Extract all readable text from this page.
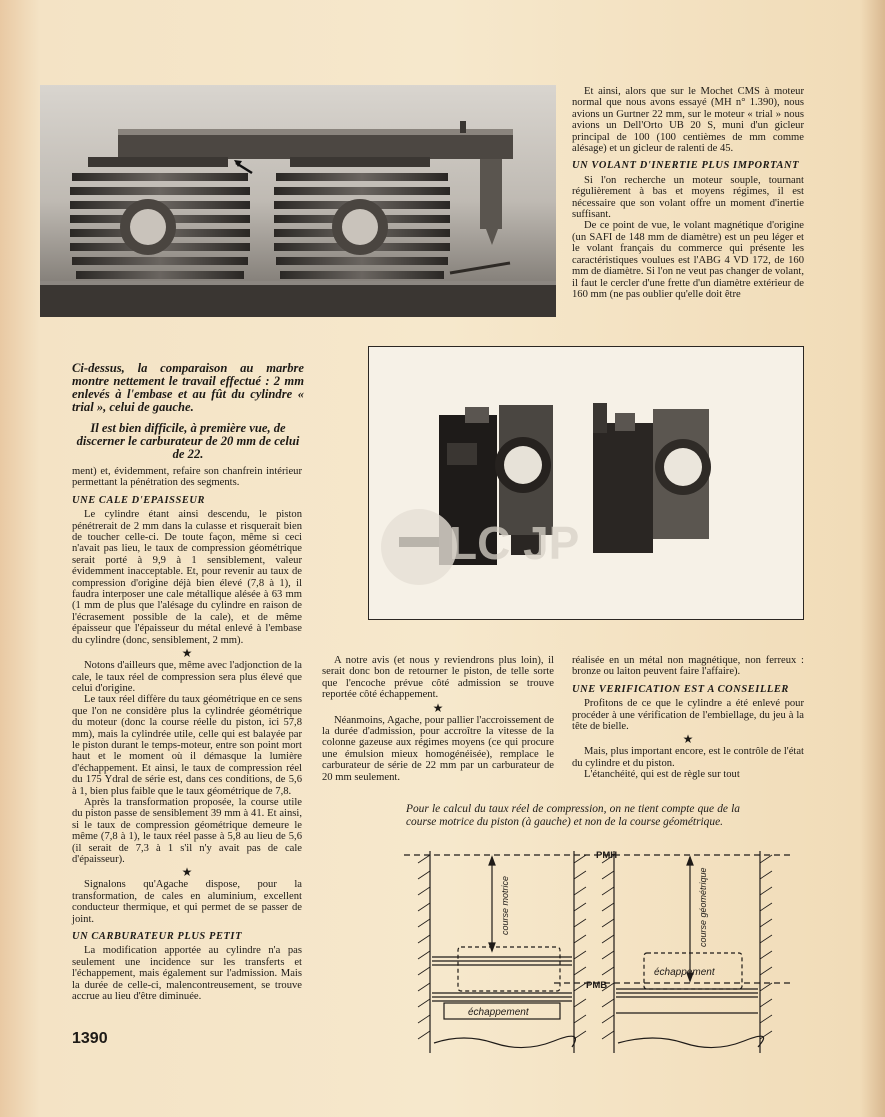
Et ainsi, alors que sur le Mochet CMS à moteur normal que nous avons essayé (MH n° 1.390), nous avions un Gurtner 22 mm, sur le moteur « trial » nous avions un Dell'Orto UB 20 S, muni d'un gicleur principal de 100 (100 centièmes de mm comme alésage) et un gicleur de ralenti de 45.

UN VOLANT D'INERTIE PLUS IMPORTANT

Si l'on recherche un moteur souple, tournant régulièrement à bas et moyens régimes, il est nécessaire que son volant offre un moment d'inertie suffisant.

De ce point de vue, le volant magnétique d'origine (un SAFI de 148 mm de diamètre) est un peu léger et le volant français du commerce qui présente les caractéristiques voulues est l'ABG 4 VD 172, de 160 mm de diamètre. Si l'on ne veut pas changer de volant, il faut le cercler d'une frette d'un diamètre extérieur de 160 mm (ne pas oublier qu'elle doit être

Ci-dessus, la comparaison au marbre montre nettement le travail effectué : 2 mm enlevés à l'embase et au fût du cylindre « trial », celui de gauche.

Il est bien difficile, à première vue, de discerner le carburateur de 20 mm de celui de 22.

LC JP

ment) et, évidemment, refaire son chanfrein intérieur permettant la pénétration des segments.

UNE CALE D'EPAISSEUR

Le cylindre étant ainsi descendu, le piston pénétrerait de 2 mm dans la culasse et risquerait bien de toucher celle-ci. De toute façon, même si ceci n'avait pas lieu, le taux de compression géométrique serait porté à 9,9 à 1 sensiblement, valeur évidemment inacceptable. Et, pour revenir au taux de compression d'origine déjà bien élevé (7,8 à 1), il faudra interposer une cale métallique alésée à 63 mm (1 mm de plus que l'alésage du cylindre en raison de l'écrasement possible de la cale), et de même épaisseur que l'épaisseur du métal enlevé à l'embase du cylindre (donc, sensiblement, 2 mm).

★

Notons d'ailleurs que, même avec l'adjonction de la cale, le taux réel de compression sera plus élevé que celui d'origine.

Le taux réel diffère du taux géométrique en ce sens que l'on ne considère plus la cylindrée géométrique du moteur (donc la course réelle du piston, ici 57,8 mm), mais la cylindrée utile, celle qui est balayée par le piston durant le temps-moteur, entre son point mort haut et le moment où il démasque la lumière d'échappement. Et ainsi, le taux de compression réel du 175 Ydral de série est, dans ces conditions, de 5,6 à 1, bien plus faible que le taux géométrique de 7,8.

Après la transformation proposée, la course utile du piston passe de sensiblement 39 mm à 41. Et ainsi, si le taux de compression géométrique demeure le même (7,8 à 1), le taux réel passe à 5,8 au lieu de 5,6 (il serait de 7,3 à 1 s'il n'y avait pas de cale d'épaisseur).

★

Signalons qu'Agache dispose, pour la transformation, de cales en aluminium, excellent conducteur thermique, et qui permet de se passer de joint.

UN CARBURATEUR PLUS PETIT

La modification apportée au cylindre n'a pas seulement une incidence sur les transferts et l'échappement, mais également sur l'admission. Mais la durée de celle-ci, malencontreusement, se trouve accrue au lieu d'être diminuée.

A notre avis (et nous y reviendrons plus loin), il serait donc bon de retourner le piston, de telle sorte que l'encoche prévue côté admission se trouve reportée côté échappement.

★

Néanmoins, Agache, pour pallier l'accroissement de la durée d'admission, pour accroître la vitesse de la colonne gazeuse aux régimes moyens (ce qui procure une émulsion mieux homogénéisée), remplace le carburateur de série de 22 mm par un carburateur de 20 mm seulement.

réalisée en un métal non magnétique, non ferreux : bronze ou laiton peuvent faire l'affaire).

UNE VERIFICATION EST A CONSEILLER

Profitons de ce que le cylindre a été enlevé pour procéder à une vérification de l'embiellage, du jeu à la tête de bielle.

★

Mais, plus important encore, est le contrôle de l'état du cylindre et du piston.

L'étanchéité, qui est de règle sur tout

Pour le calcul du taux réel de compression, on ne tient compte que de la course motrice du piston (à gauche) et non de la course géométrique.
PMH
PMB
course motrice	course géométrique
échappement
échappement
1390
